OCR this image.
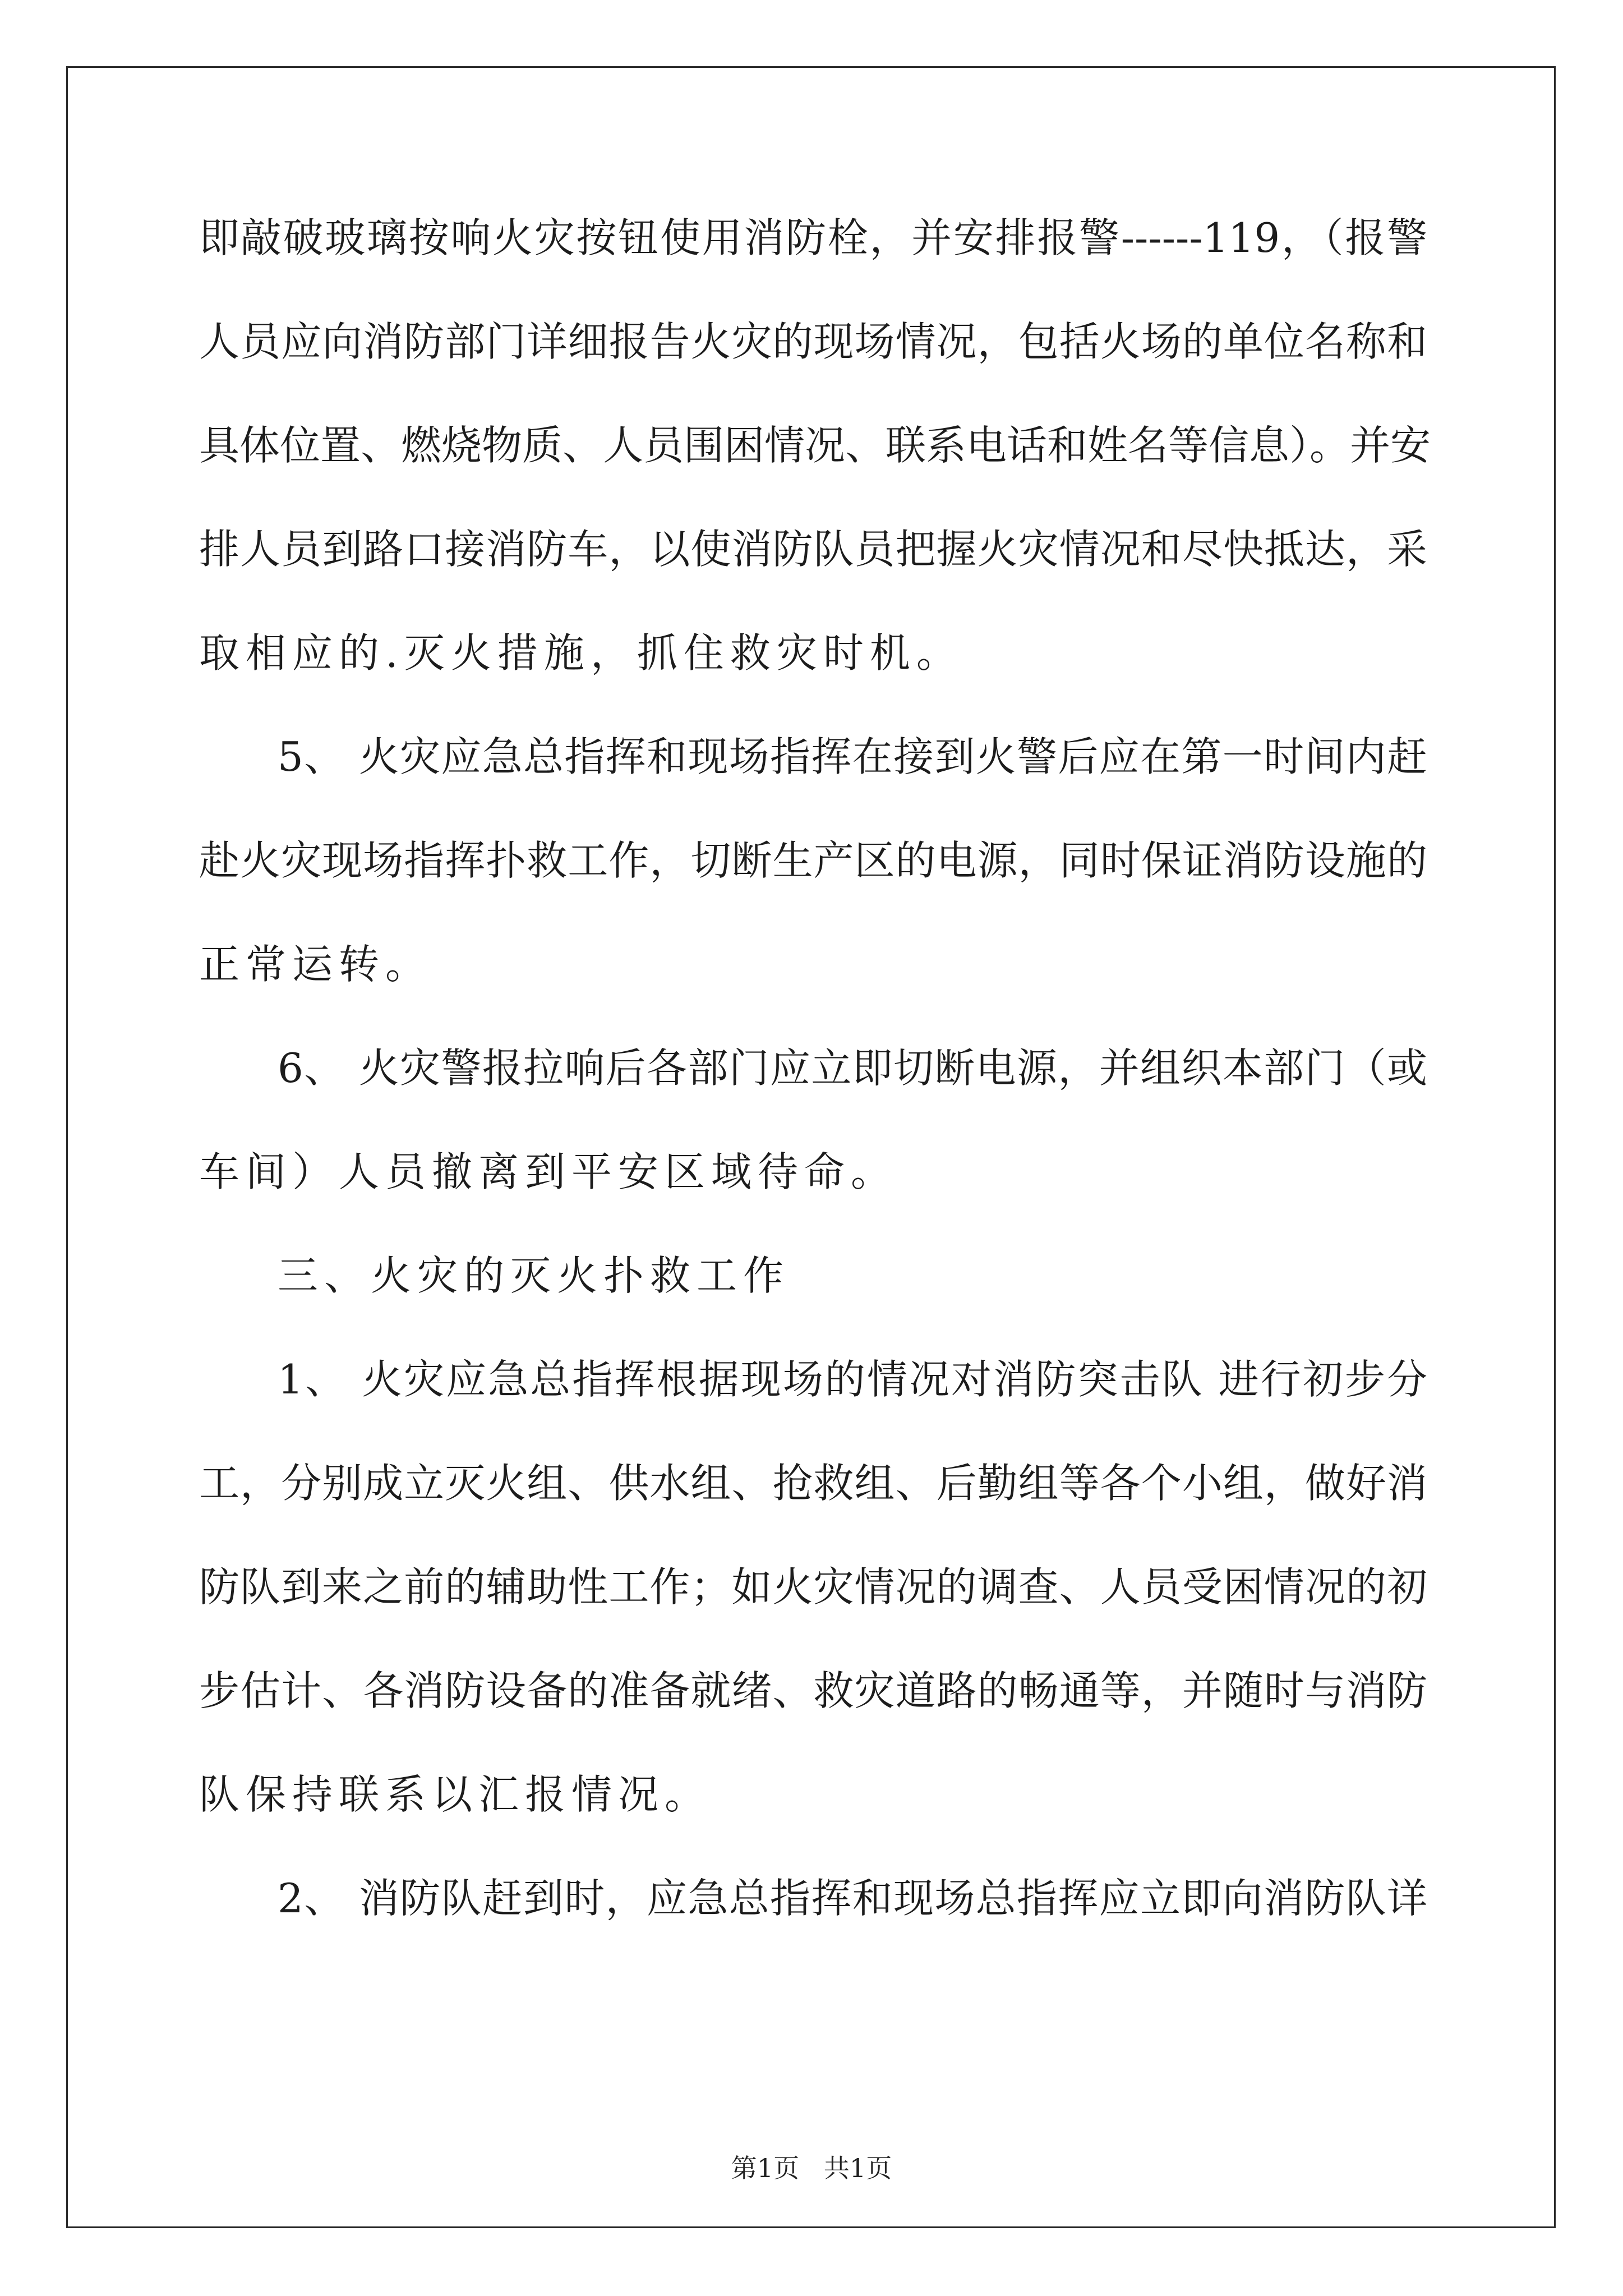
即敲破玻璃按响火灾按钮使用消防栓，并安排报警------119，（报警
人员应向消防部门详细报告火灾的现场情况，包括火场的单位名称和
具体位置、燃烧物质、人员围困情况、联系电话和姓名等信息）。并安
排人员到路口接消防车，以使消防队员把握火灾情况和尽快抵达，采
取相应的.灭火措施，抓住救灾时机。
5、 火灾应急总指挥和现场指挥在接到火警后应在第一时间内赶
赴火灾现场指挥扑救工作，切断生产区的电源，同时保证消防设施的
正常运转。
6、 火灾警报拉响后各部门应立即切断电源，并组织本部门（或
车间）人员撤离到平安区域待命。
三、火灾的灭火扑救工作
1、 火灾应急总指挥根据现场的情况对消防突击队 进行初步分
工，分别成立灭火组、供水组、抢救组、后勤组等各个小组，做好消
防队到来之前的辅助性工作；如火灾情况的调查、人员受困情况的初
步估计、各消防设备的准备就绪、救灾道路的畅通等，并随时与消防
队保持联系以汇报情况。
2、 消防队赶到时，应急总指挥和现场总指挥应立即向消防队详
第1页   共1页
